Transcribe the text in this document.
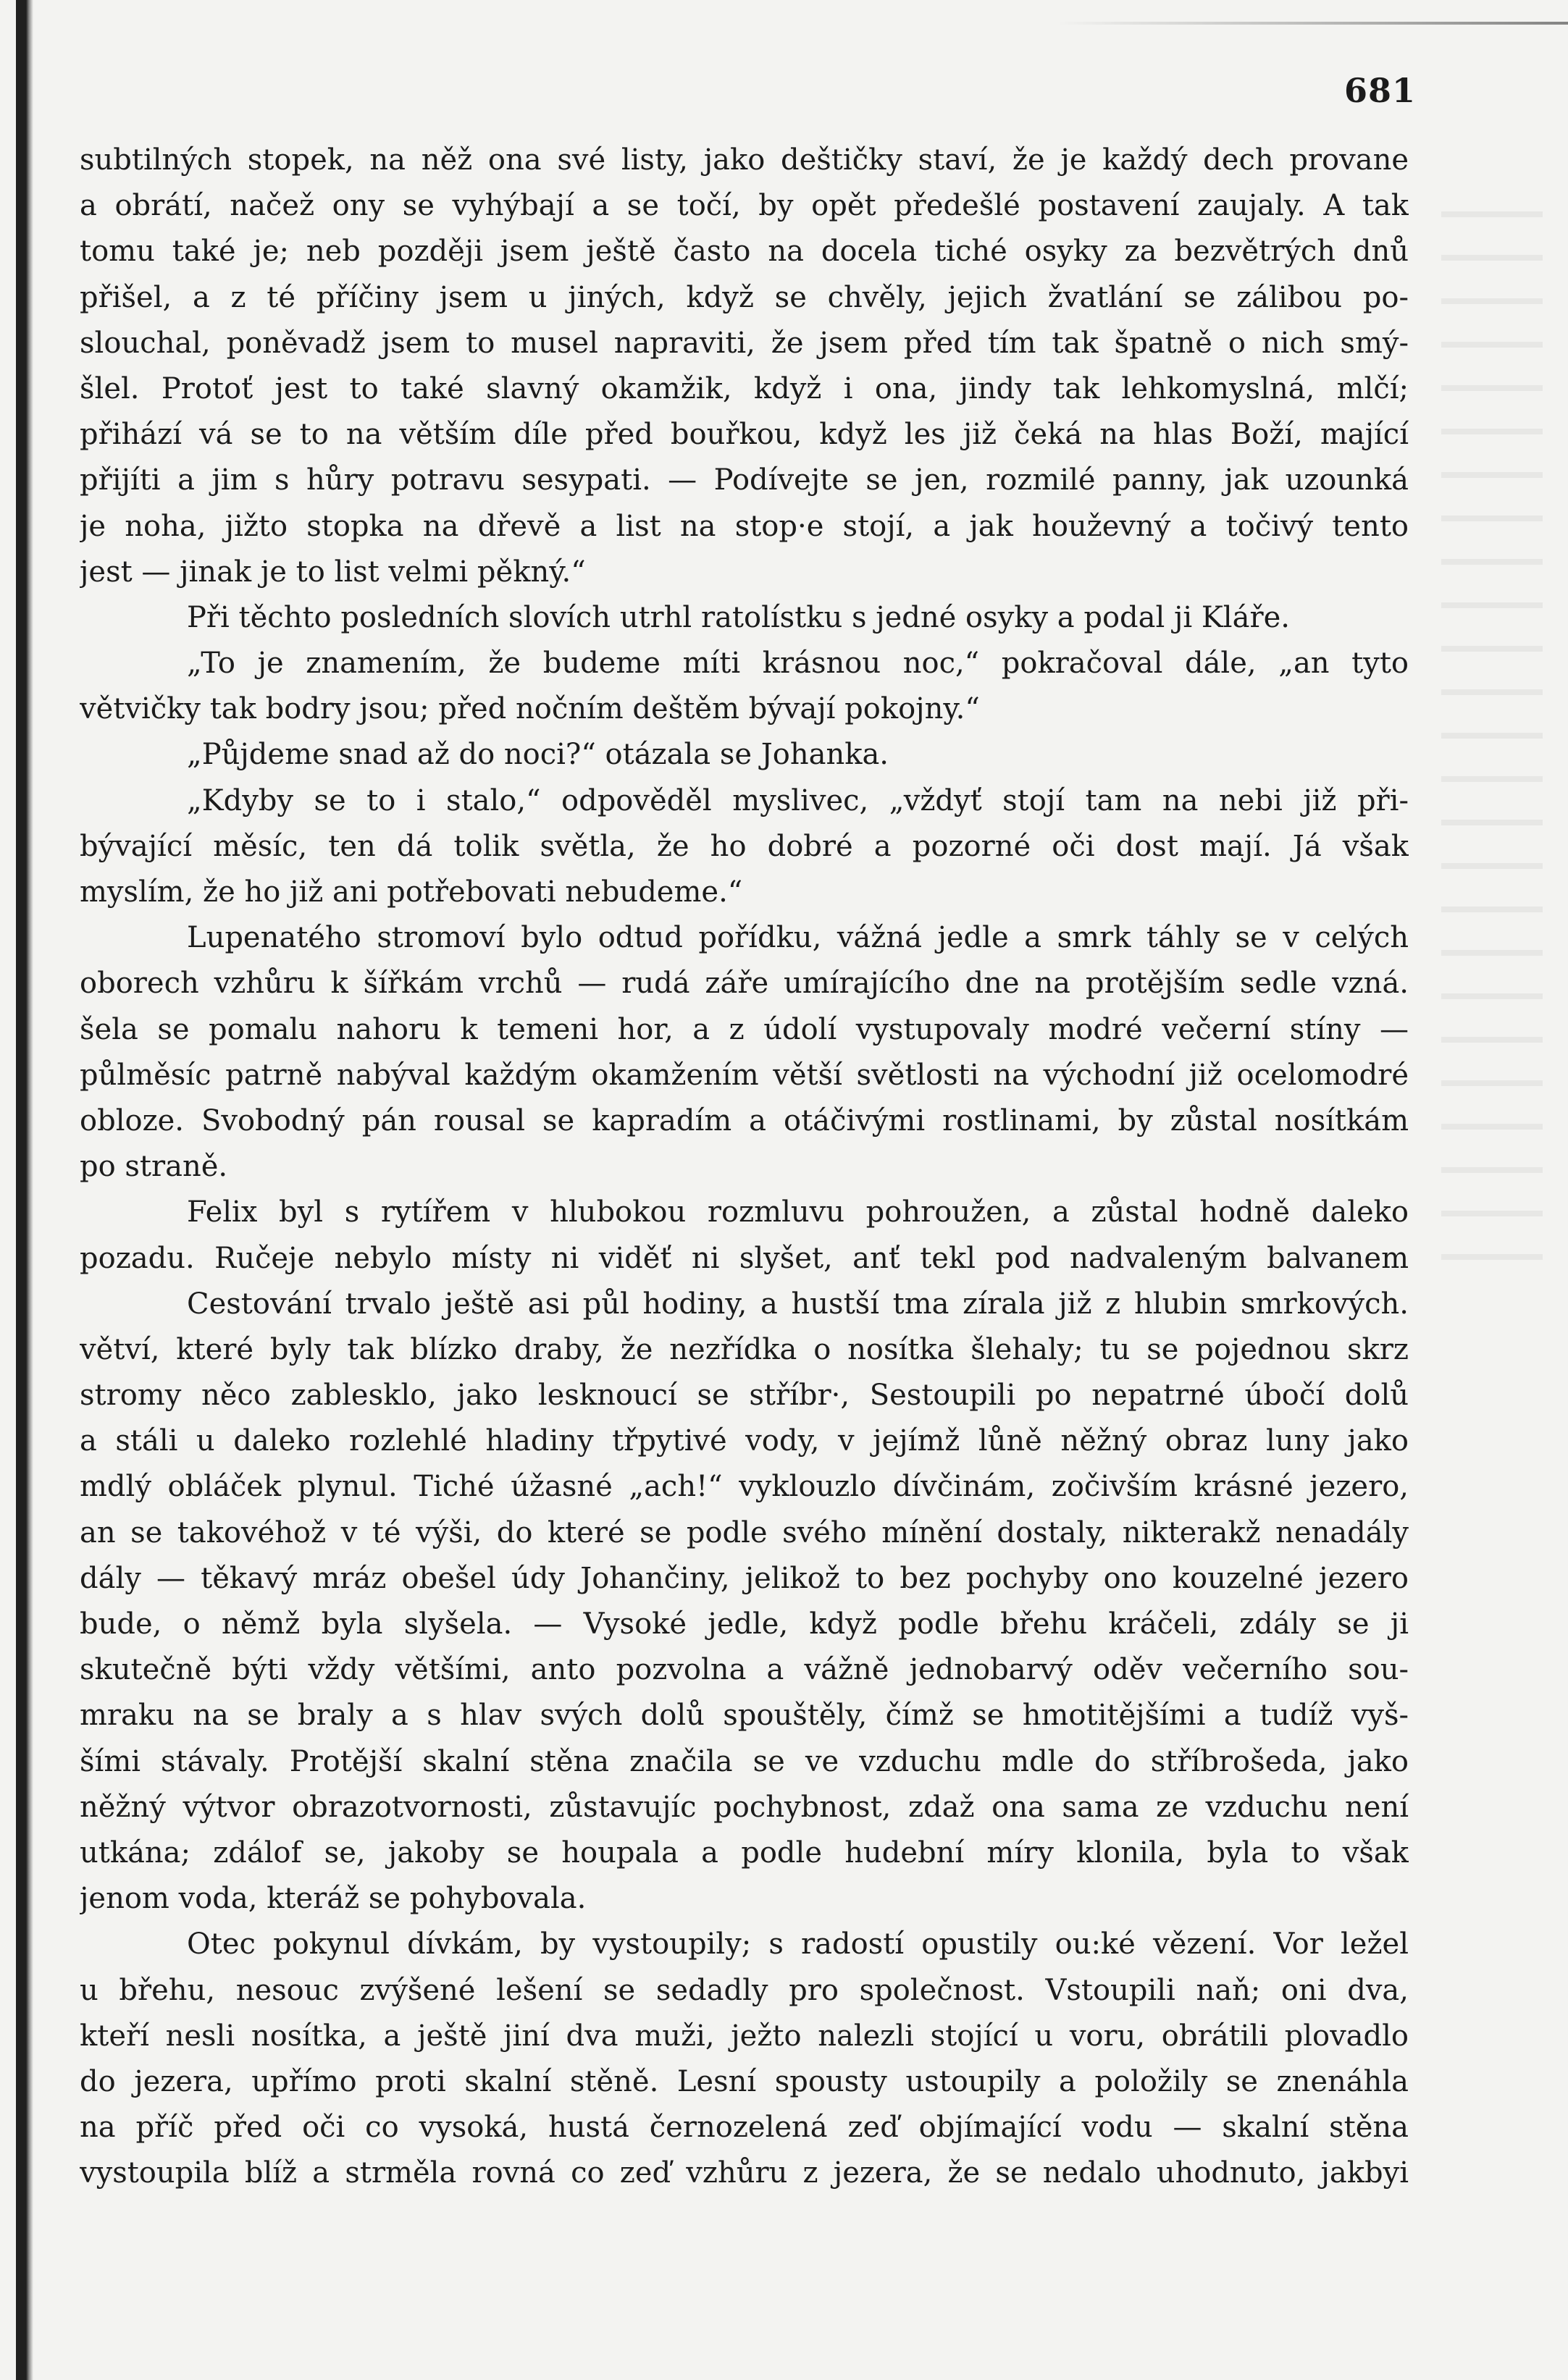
681
subtilných stopek, na něž ona své listy, jako deštičky staví, že je každý dech provane
a obrátí, načež ony se vyhýbají a se točí, by opět předešlé postavení zaujaly. A tak
tomu také je; neb později jsem ještě často na docela tiché osyky za bezvětrých dnů
přišel, a z té příčiny jsem u jiných, když se chvěly, jejich žvatlání se zálibou po-
slouchal, poněvadž jsem to musel napraviti, že jsem před tím tak špatně o nich smý-
šlel. Protoť jest to také slavný okamžik, když i ona, jindy tak lehkomyslná, mlčí;
přihází vá se to na větším díle před bouřkou, když les již čeká na hlas Boží, mající
přijíti a jim s hůry potravu sesypati. — Podívejte se jen, rozmilé panny, jak uzounká
je noha, jižto stopka na dřevě a list na stop·e stojí, a jak houževný a točivý tento
jest — jinak je to list velmi pěkný.“
Při těchto posledních slovích utrhl ratolístku s jedné osyky a podal ji Kláře.
„To je znamením, že budeme míti krásnou noc,“ pokračoval dále, „an tyto
větvičky tak bodry jsou; před nočním deštěm bývají pokojny.“
„Půjdeme snad až do noci?“ otázala se Johanka.
„Kdyby se to i stalo,“ odpověděl myslivec, „vždyť stojí tam na nebi již při-
bývající měsíc, ten dá tolik světla, že ho dobré a pozorné oči dost mají. Já však
myslím, že ho již ani potřebovati nebudeme.“
Lupenatého stromoví bylo odtud pořídku, vážná jedle a smrk táhly se v celých
oborech vzhůru k šířkám vrchů — rudá záře umírajícího dne na protějším sedle vzná.
šela se pomalu nahoru k temeni hor, a z údolí vystupovaly modré večerní stíny —
půlměsíc patrně nabýval každým okamžením větší světlosti na východní již ocelomodré
obloze. Svobodný pán rousal se kapradím a otáčivými rostlinami, by zůstal nosítkám
po straně.
Felix byl s rytířem v hlubokou rozmluvu pohroužen, a zůstal hodně daleko
pozadu. Ručeje nebylo místy ni viděť ni slyšet, anť tekl pod nadvaleným balvanem
Cestování trvalo ještě asi půl hodiny, a hustší tma zírala již z hlubin smrkových.
větví, které byly tak blízko draby, že nezřídka o nosítka šlehaly; tu se pojednou skrz
stromy něco zablesklo, jako lesknoucí se stříbr·, Sestoupili po nepatrné úbočí dolů
a stáli u daleko rozlehlé hladiny třpytivé vody, v jejímž lůně něžný obraz luny jako
mdlý obláček plynul. Tiché úžasné „ach!“ vyklouzlo dívčinám, zočivším krásné jezero,
an se takovéhož v té výši, do které se podle svého mínění dostaly, nikterakž nenadály
dály — těkavý mráz obešel údy Johančiny, jelikož to bez pochyby ono kouzelné jezero
bude, o němž byla slyšela. — Vysoké jedle, když podle břehu kráčeli, zdály se ji
skutečně býti vždy většími, anto pozvolna a vážně jednobarvý oděv večerního sou-
mraku na se braly a s hlav svých dolů spouštěly, čímž se hmotitějšími a tudíž vyš-
šími stávaly. Protější skalní stěna značila se ve vzduchu mdle do stříbrošeda, jako
něžný výtvor obrazotvornosti, zůstavujíc pochybnost, zdaž ona sama ze vzduchu není
utkána; zdálof se, jakoby se houpala a podle hudební míry klonila, byla to však
jenom voda, kteráž se pohybovala.
Otec pokynul dívkám, by vystoupily; s radostí opustily ou:ké vězení. Vor ležel
u břehu, nesouc zvýšené lešení se sedadly pro společnost. Vstoupili naň; oni dva,
kteří nesli nosítka, a ještě jiní dva muži, ježto nalezli stojící u voru, obrátili plovadlo
do jezera, upřímo proti skalní stěně. Lesní spousty ustoupily a položily se znenáhla
na příč před oči co vysoká, hustá černozelená zeď objímající vodu — skalní stěna
vystoupila blíž a strměla rovná co zeď vzhůru z jezera, že se nedalo uhodnuto, jakbyi
